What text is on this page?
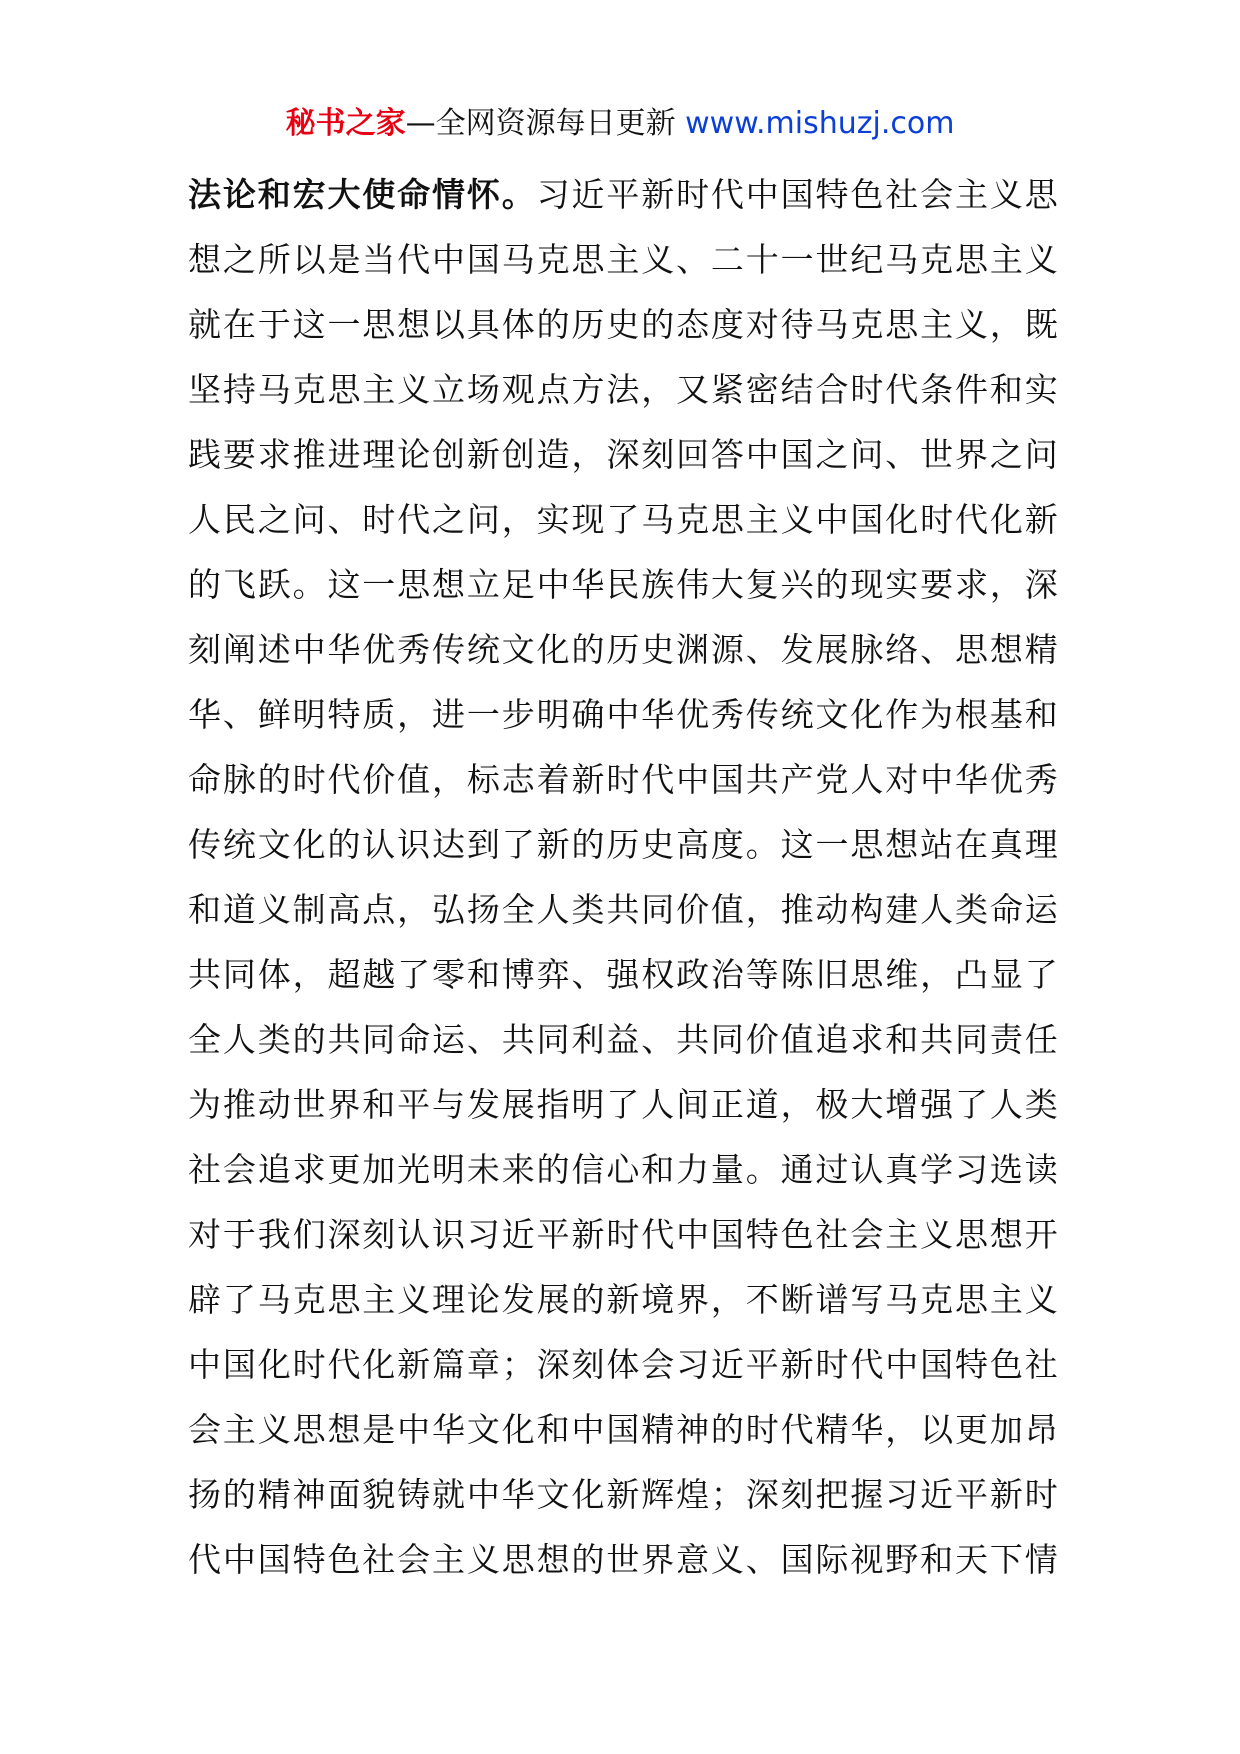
秘书之家—全网资源每日更新 www.mishuzj.com
法论和宏大使命情怀。习近平新时代中国特色社会主义思
想之所以是当代中国马克思主义、二十一世纪马克思主义
就在于这一思想以具体的历史的态度对待马克思主义，既
坚持马克思主义立场观点方法，又紧密结合时代条件和实
践要求推进理论创新创造，深刻回答中国之问、世界之问
人民之问、时代之问，实现了马克思主义中国化时代化新
的飞跃。这一思想立足中华民族伟大复兴的现实要求，深
刻阐述中华优秀传统文化的历史渊源、发展脉络、思想精
华、鲜明特质，进一步明确中华优秀传统文化作为根基和
命脉的时代价值，标志着新时代中国共产党人对中华优秀
传统文化的认识达到了新的历史高度。这一思想站在真理
和道义制高点，弘扬全人类共同价值，推动构建人类命运
共同体，超越了零和博弈、强权政治等陈旧思维，凸显了
全人类的共同命运、共同利益、共同价值追求和共同责任
为推动世界和平与发展指明了人间正道，极大增强了人类
社会追求更加光明未来的信心和力量。通过认真学习选读
对于我们深刻认识习近平新时代中国特色社会主义思想开
辟了马克思主义理论发展的新境界，不断谱写马克思主义
中国化时代化新篇章；深刻体会习近平新时代中国特色社
会主义思想是中华文化和中国精神的时代精华，以更加昂
扬的精神面貌铸就中华文化新辉煌；深刻把握习近平新时
代中国特色社会主义思想的世界意义、国际视野和天下情
